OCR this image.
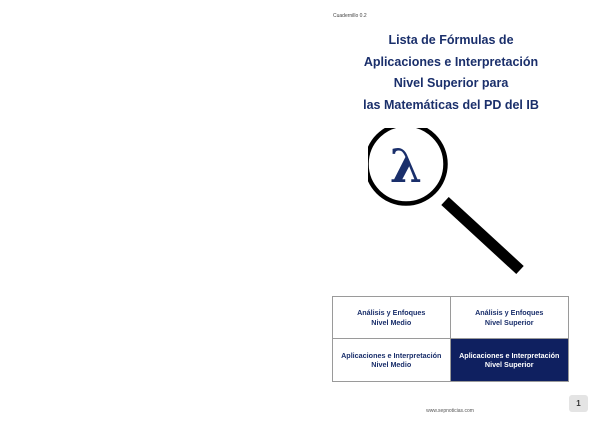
Cuadernillo 0.2
Lista de Fórmulas de
Aplicaciones e Interpretación
Nivel Superior para
las Matemáticas del PD del IB
λ
Análisis y Enfoques
Nivel Medio
Análisis y Enfoques
Nivel Superior
Aplicaciones e Interpretación
Nivel Medio
Aplicaciones e Interpretación
Nivel Superior
1
www.sepnoticias.com
